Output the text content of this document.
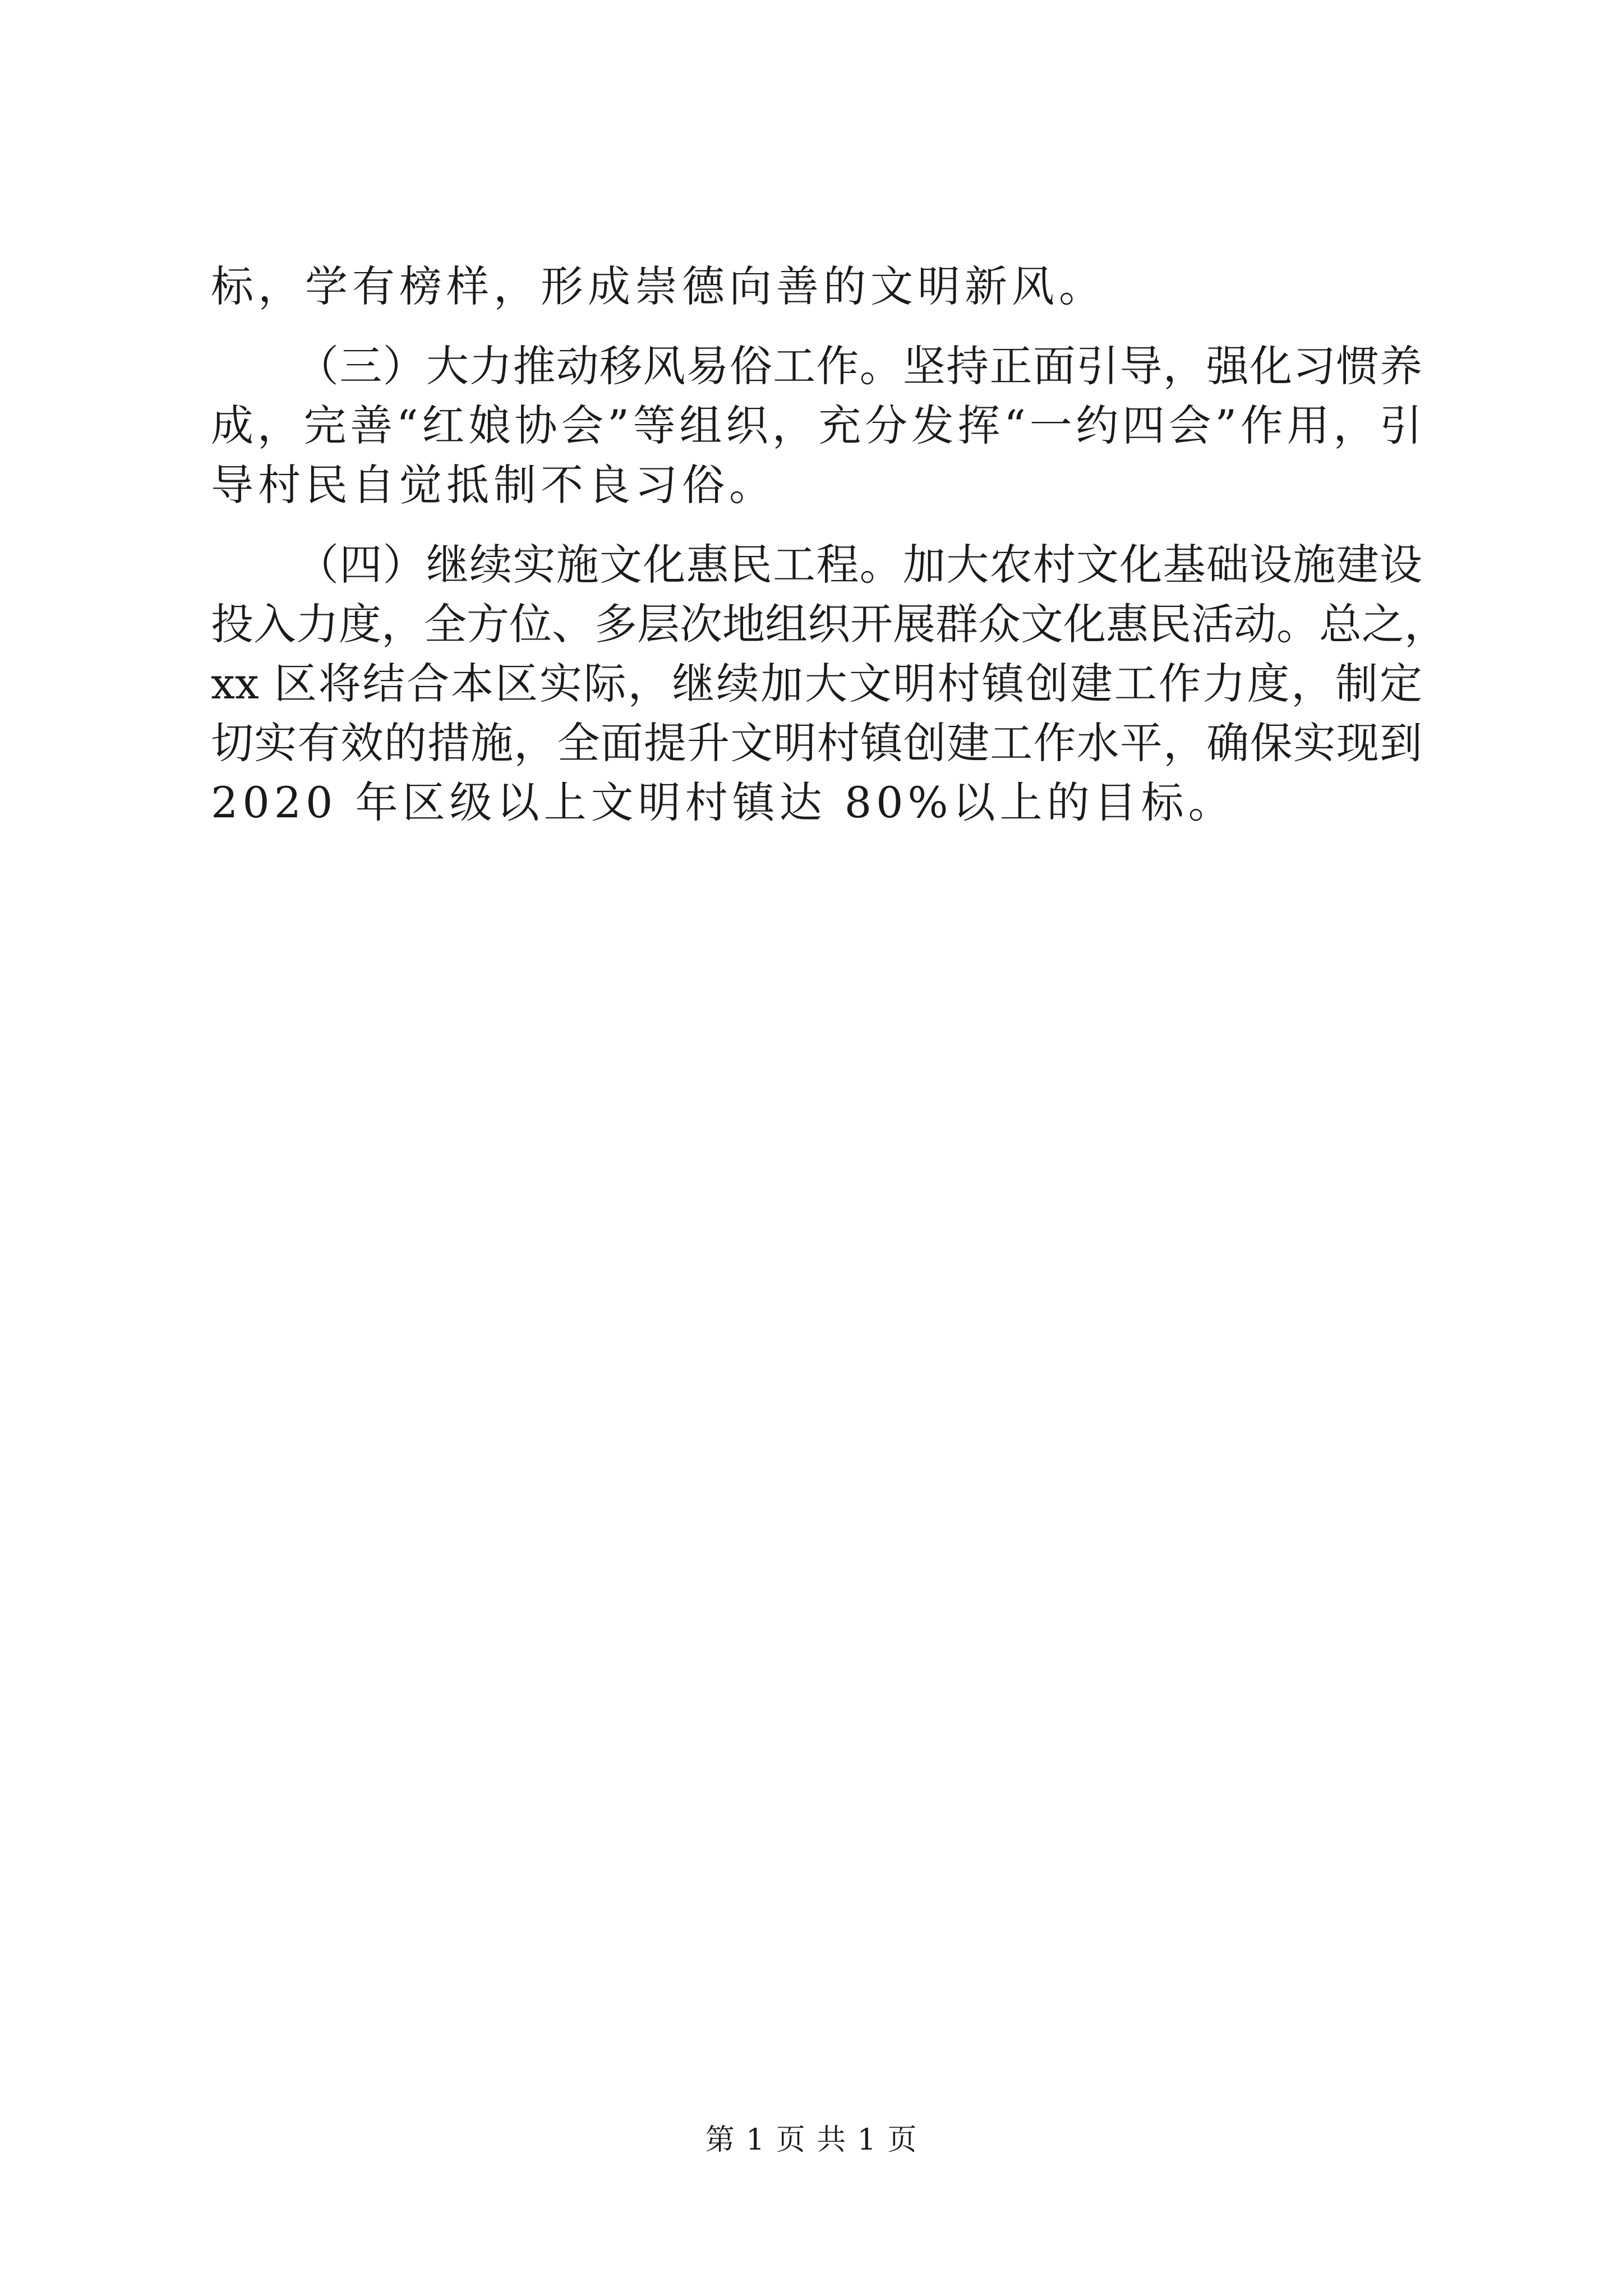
标，学有榜样，形成崇德向善的文明新风。
（三）大力推动移风易俗工作。坚持正面引导，强化习惯养
成，完善“红娘协会”等组织，充分发挥“一约四会”作用，引
导村民自觉抵制不良习俗。
（四）继续实施文化惠民工程。加大农村文化基础设施建设
投入力度，全方位、多层次地组织开展群众文化惠民活动。总之，
xx 区将结合本区实际，继续加大文明村镇创建工作力度，制定
切实有效的措施，全面提升文明村镇创建工作水平，确保实现到
2020 年区级以上文明村镇达 80%以上的目标。
第 1 页 共 1 页
